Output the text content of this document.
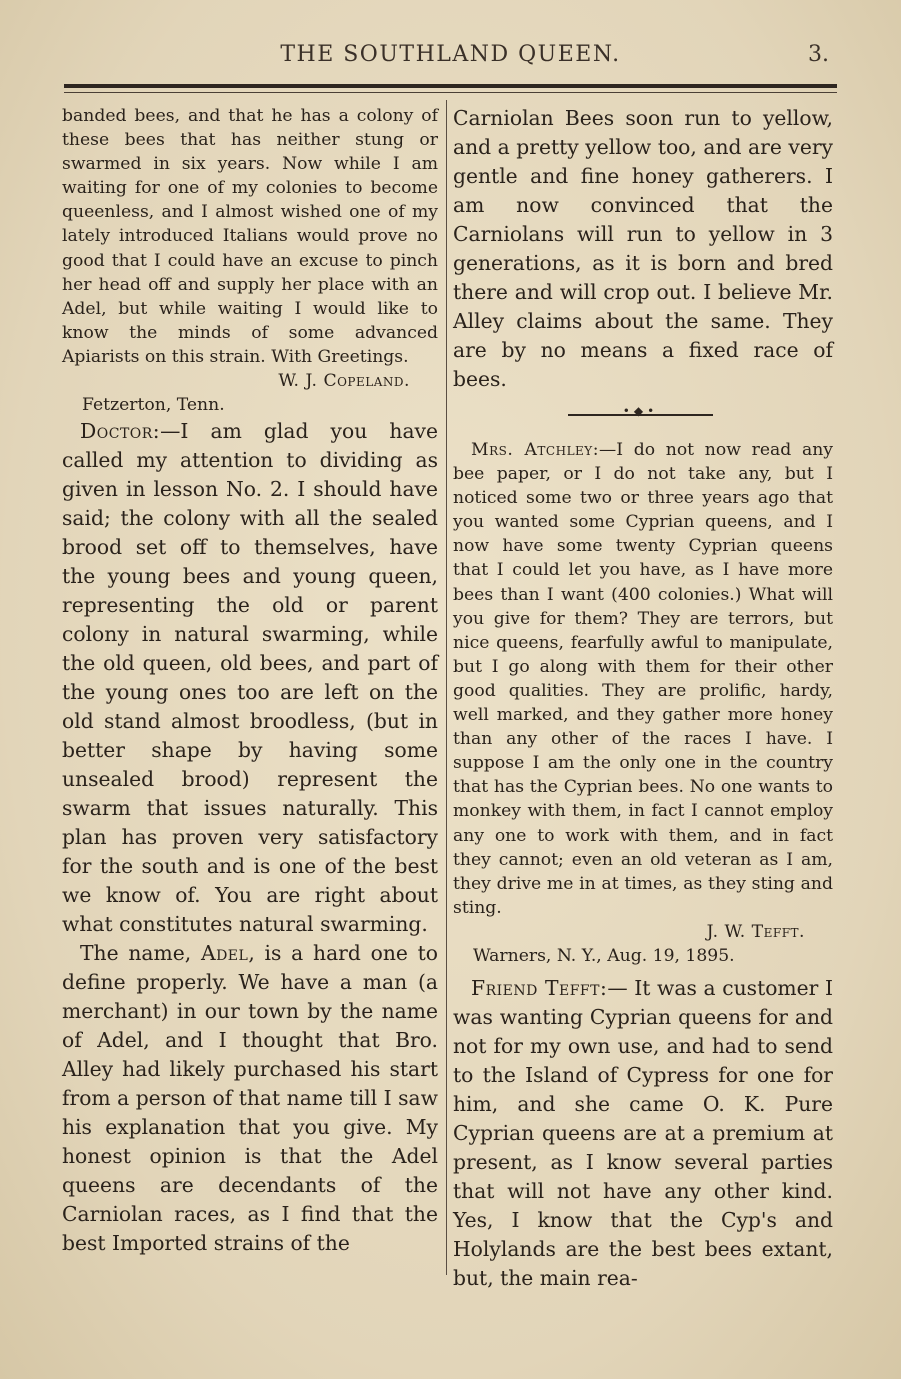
THE SOUTHLAND QUEEN.	3.

banded bees, and that he has a colony of these bees that has neither stung or swarmed in six years. Now while I am waiting for one of my colonies to become queenless, and I almost wished one of my lately introduced Italians would prove no good that I could have an excuse to pinch her head off and supply her place with an Adel, but while waiting I would like to know the minds of some advanced Apiarists on this strain. With Greetings.

W. J. Copeland.

Fetzerton, Tenn.

Doctor:—I am glad you have called my attention to dividing as given in lesson No. 2. I should have said; the colony with all the sealed brood set off to themselves, have the young bees and young queen, representing the old or parent colony in natural swarming, while the old queen, old bees, and part of the young ones too are left on the old stand almost broodless, (but in better shape by having some unsealed brood) represent the swarm that issues naturally. This plan has proven very satisfactory for the south and is one of the best we know of. You are right about what constitutes natural swarming.

The name, Adel, is a hard one to define properly. We have a man (a merchant) in our town by the name of Adel, and I thought that Bro. Alley had likely purchased his start from a person of that name till I saw his explanation that you give. My honest opinion is that the Adel queens are decendants of the Carniolan races, as I find that the best Imported strains of the

Carniolan Bees soon run to yellow, and a pretty yellow too, and are very gentle and fine honey gatherers. I am now convinced that the Carniolans will run to yellow in 3 generations, as it is born and bred there and will crop out. I believe Mr. Alley claims about the same. They are by no means a fixed race of bees.

•◆•

Mrs. Atchley:—I do not now read any bee paper, or I do not take any, but I noticed some two or three years ago that you wanted some Cyprian queens, and I now have some twenty Cyprian queens that I could let you have, as I have more bees than I want (400 colonies.) What will you give for them? They are terrors, but nice queens, fearfully awful to manipulate, but I go along with them for their other good qualities. They are prolific, hardy, well marked, and they gather more honey than any other of the races I have. I suppose I am the only one in the country that has the Cyprian bees. No one wants to monkey with them, in fact I cannot employ any one to work with them, and in fact they cannot; even an old veteran as I am, they drive me in at times, as they sting and sting.

J. W. Tefft.

Warners, N. Y., Aug. 19, 1895.

Friend Tefft:— It was a customer I was wanting Cyprian queens for and not for my own use, and had to send to the Island of Cypress for one for him, and she came O. K. Pure Cyprian queens are at a premium at present, as I know several parties that will not have any other kind. Yes, I know that the Cyp's and Holylands are the best bees extant, but, the main rea-
